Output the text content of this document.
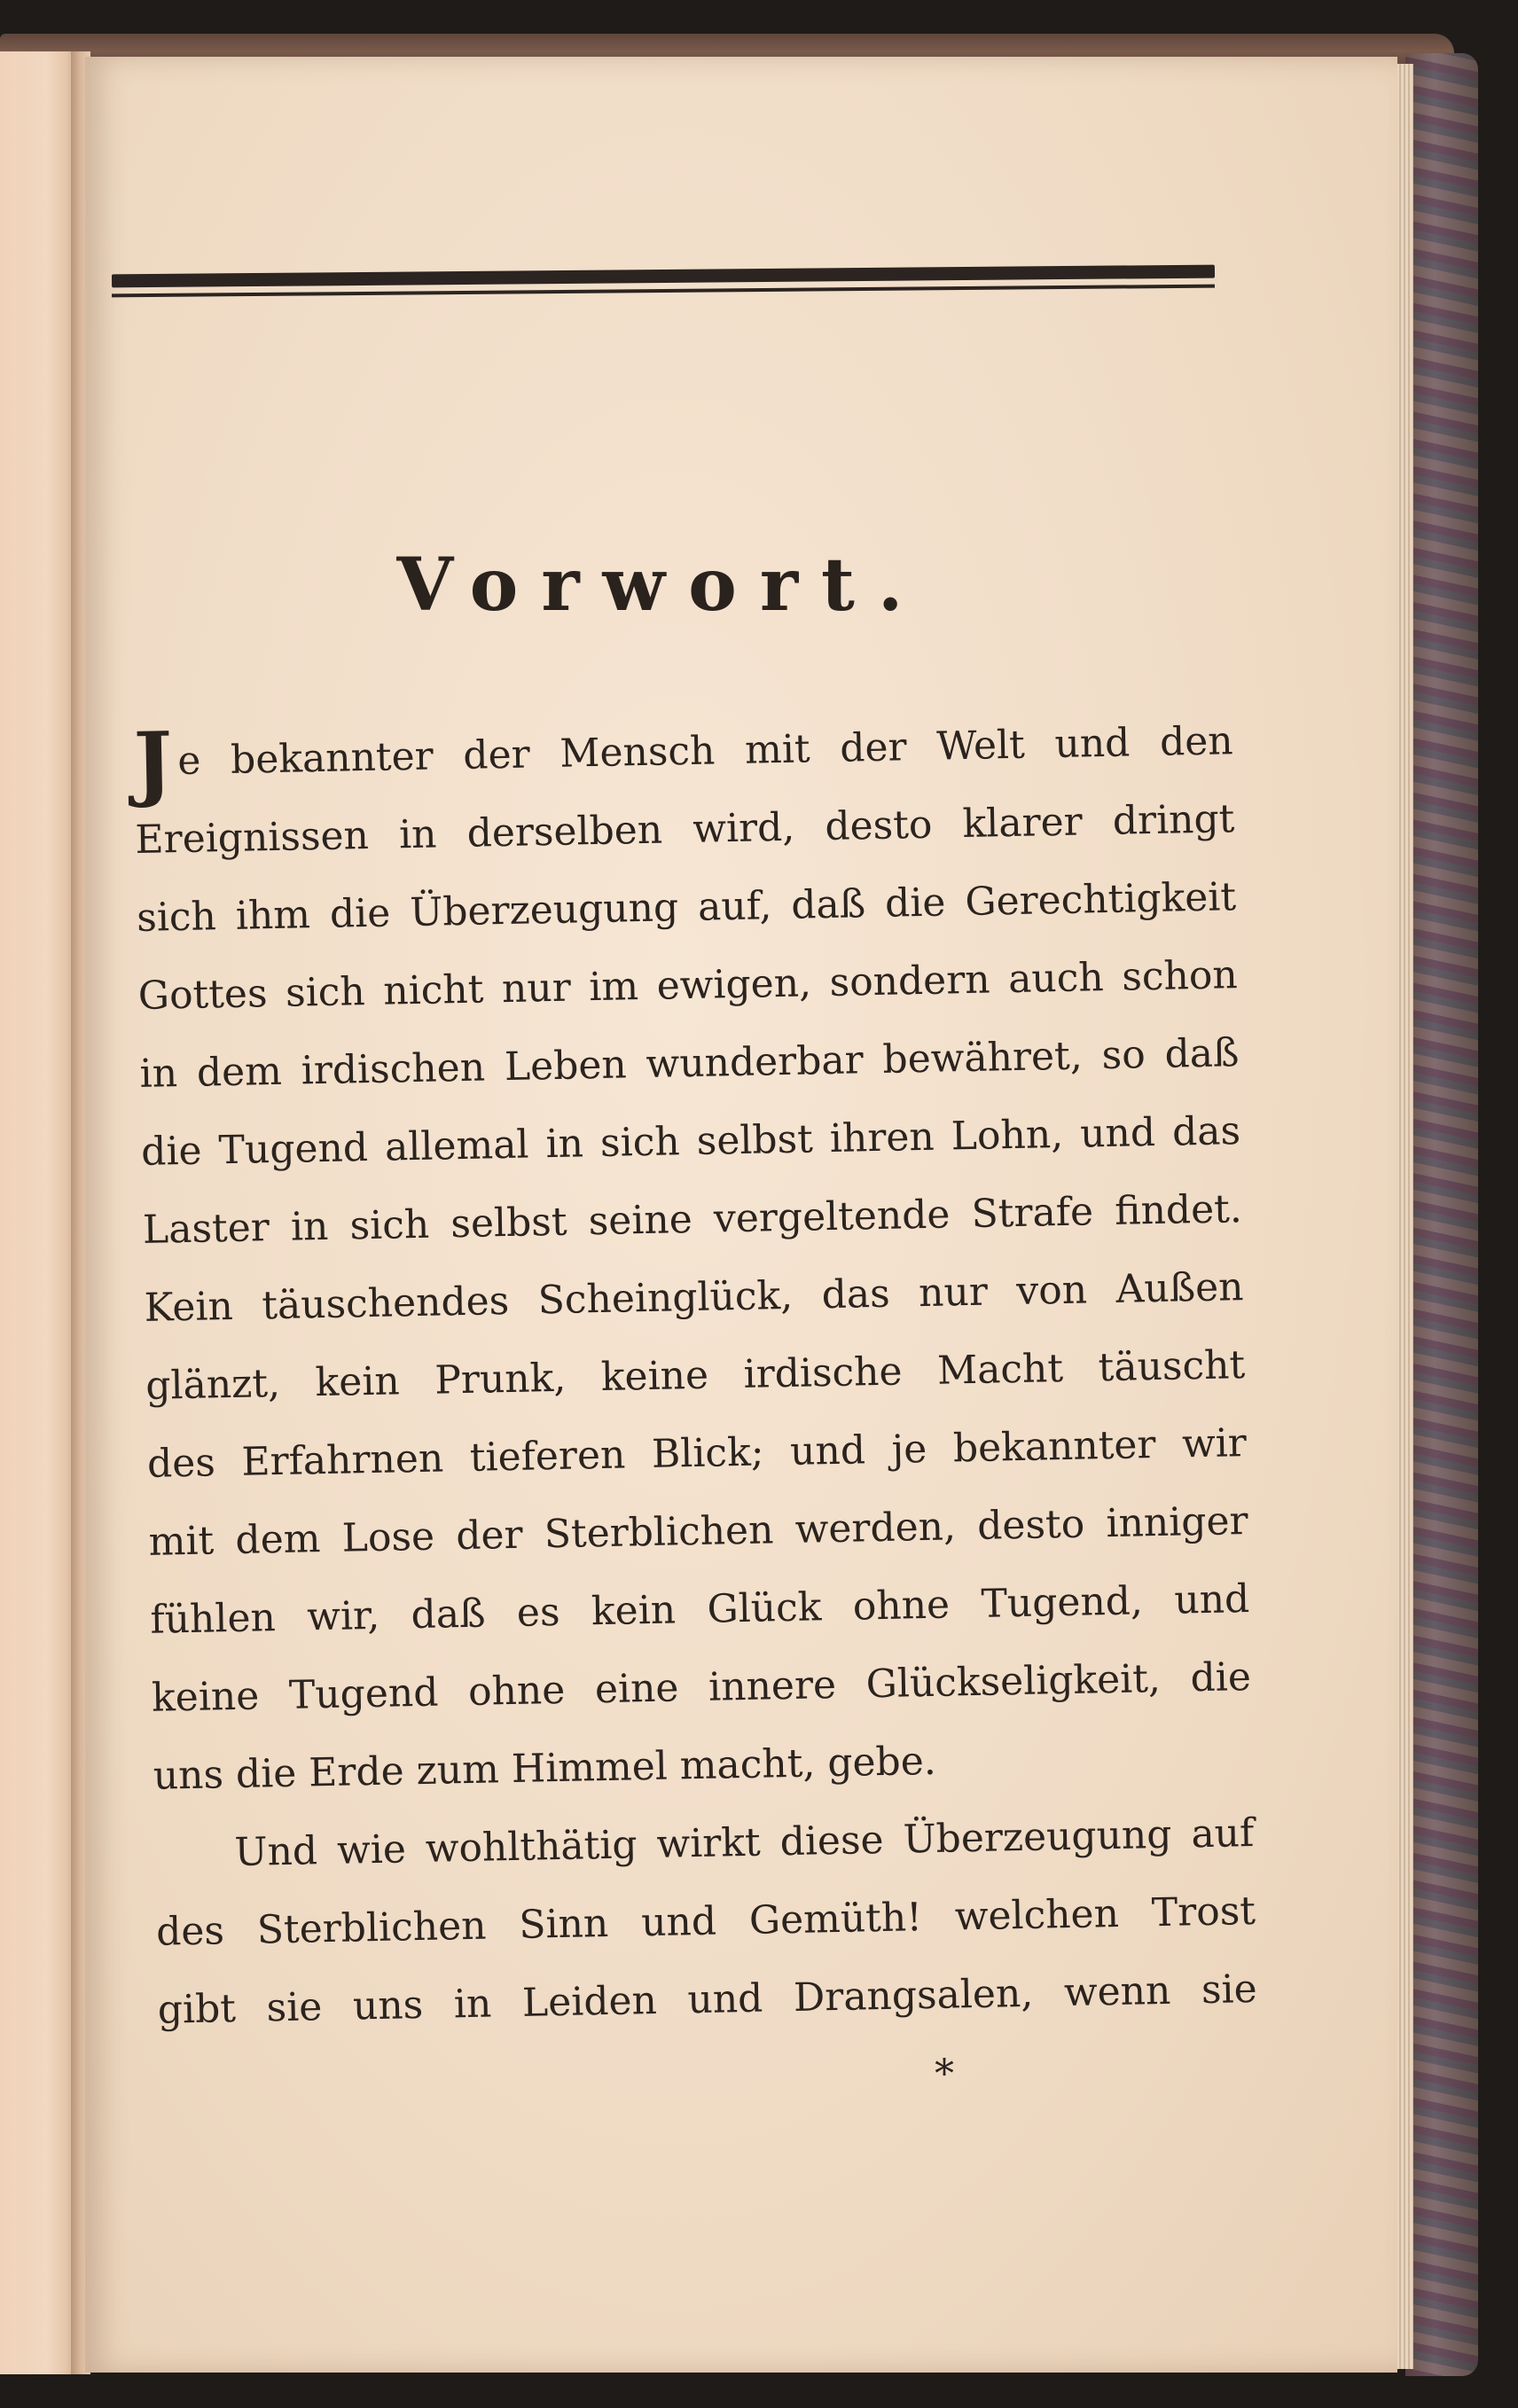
Vorwort.
Je bekannter der Mensch mit der Welt und den
Ereignissen in derselben wird, desto klarer dringt
sich ihm die Überzeugung auf, daß die Gerechtigkeit
Gottes sich nicht nur im ewigen, sondern auch schon
in dem irdischen Leben wunderbar bewähret, so daß
die Tugend allemal in sich selbst ihren Lohn, und das
Laster in sich selbst seine vergeltende Strafe findet.
Kein täuschendes Scheinglück, das nur von Außen
glänzt, kein Prunk, keine irdische Macht täuscht
des Erfahrnen tieferen Blick; und je bekannter wir
mit dem Lose der Sterblichen werden, desto inniger
fühlen wir, daß es kein Glück ohne Tugend, und
keine Tugend ohne eine innere Glückseligkeit, die
uns die Erde zum Himmel macht, gebe.
Und wie wohlthätig wirkt diese Überzeugung auf
des Sterblichen Sinn und Gemüth! welchen Trost
gibt sie uns in Leiden und Drangsalen, wenn sie
*
